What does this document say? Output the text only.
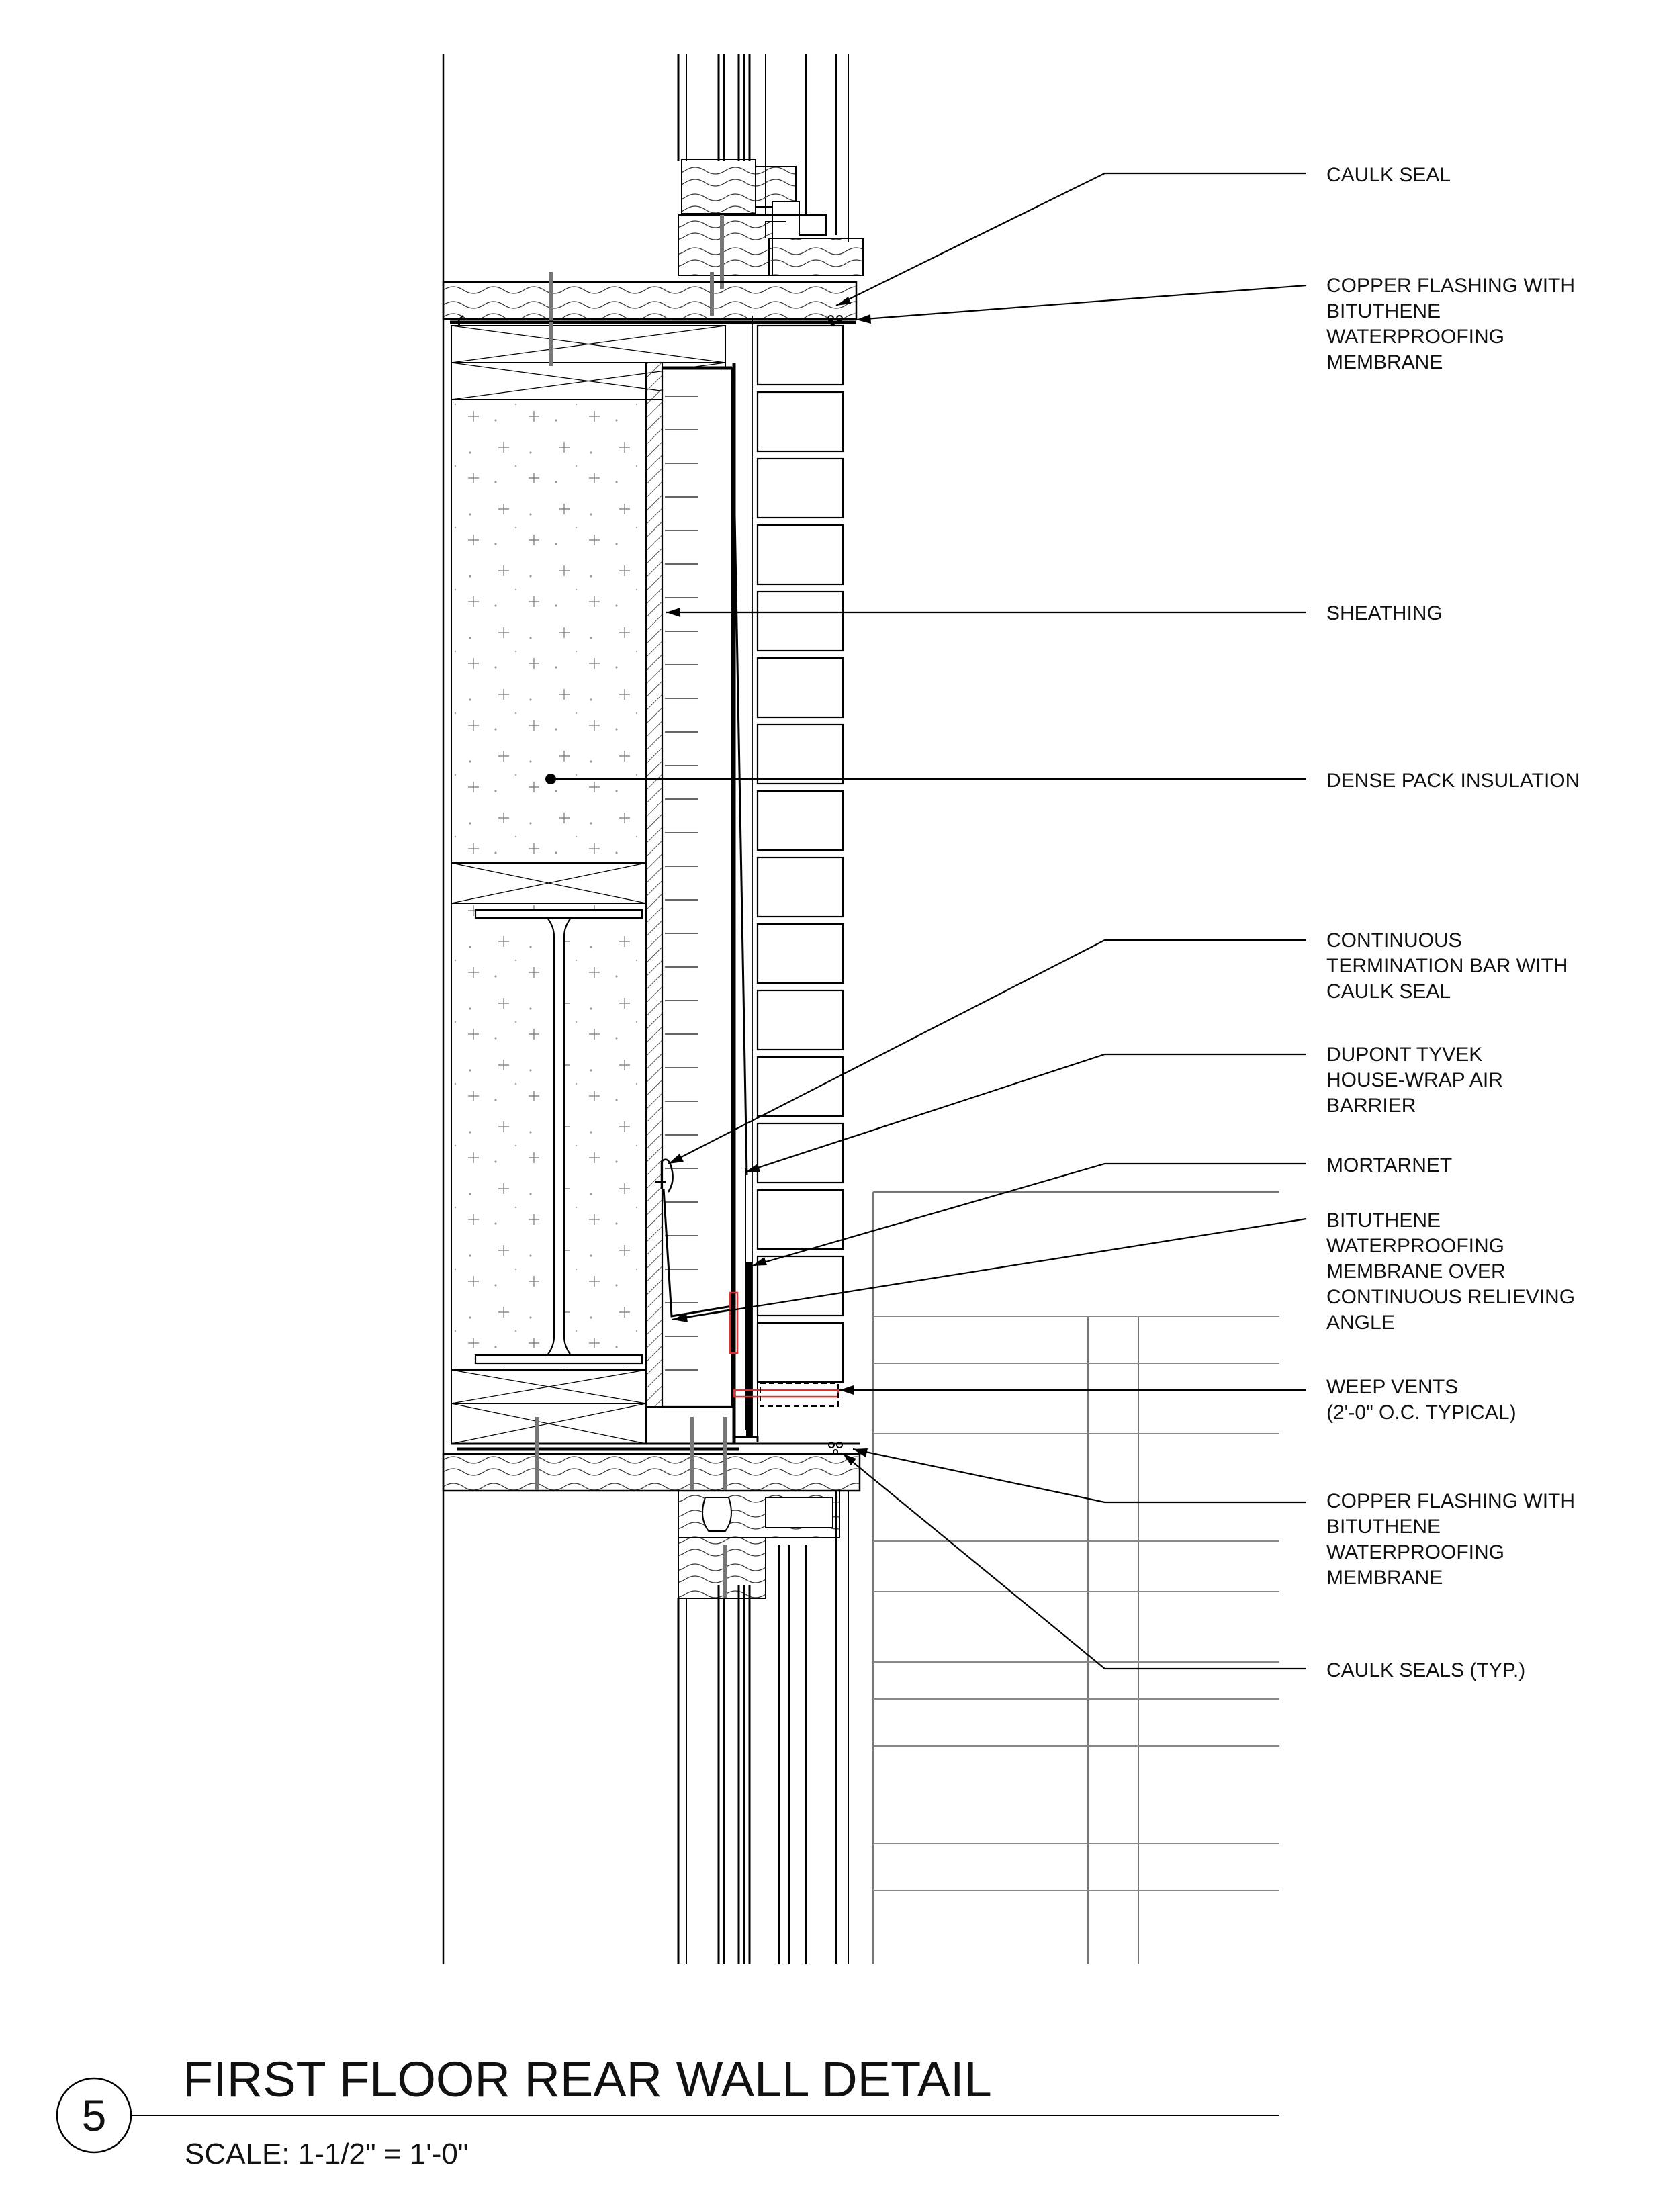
CAULK SEAL
COPPER FLASHING WITH BITUTHENE WATERPROOFING MEMBRANE
SHEATHING
DENSE PACK INSULATION
CONTINUOUS TERMINATION BAR WITH CAULK SEAL
DUPONT TYVEK HOUSE-WRAP AIR BARRIER
MORTARNET
BITUTHENE WATERPROOFING MEMBRANE OVER CONTINUOUS RELIEVING ANGLE
WEEP VENTS (2'-0" O.C. TYPICAL)
COPPER FLASHING WITH BITUTHENE WATERPROOFING MEMBRANE
CAULK SEALS (TYP.)
5
FIRST FLOOR REAR WALL DETAIL
SCALE: 1-1/2" = 1'-0"
